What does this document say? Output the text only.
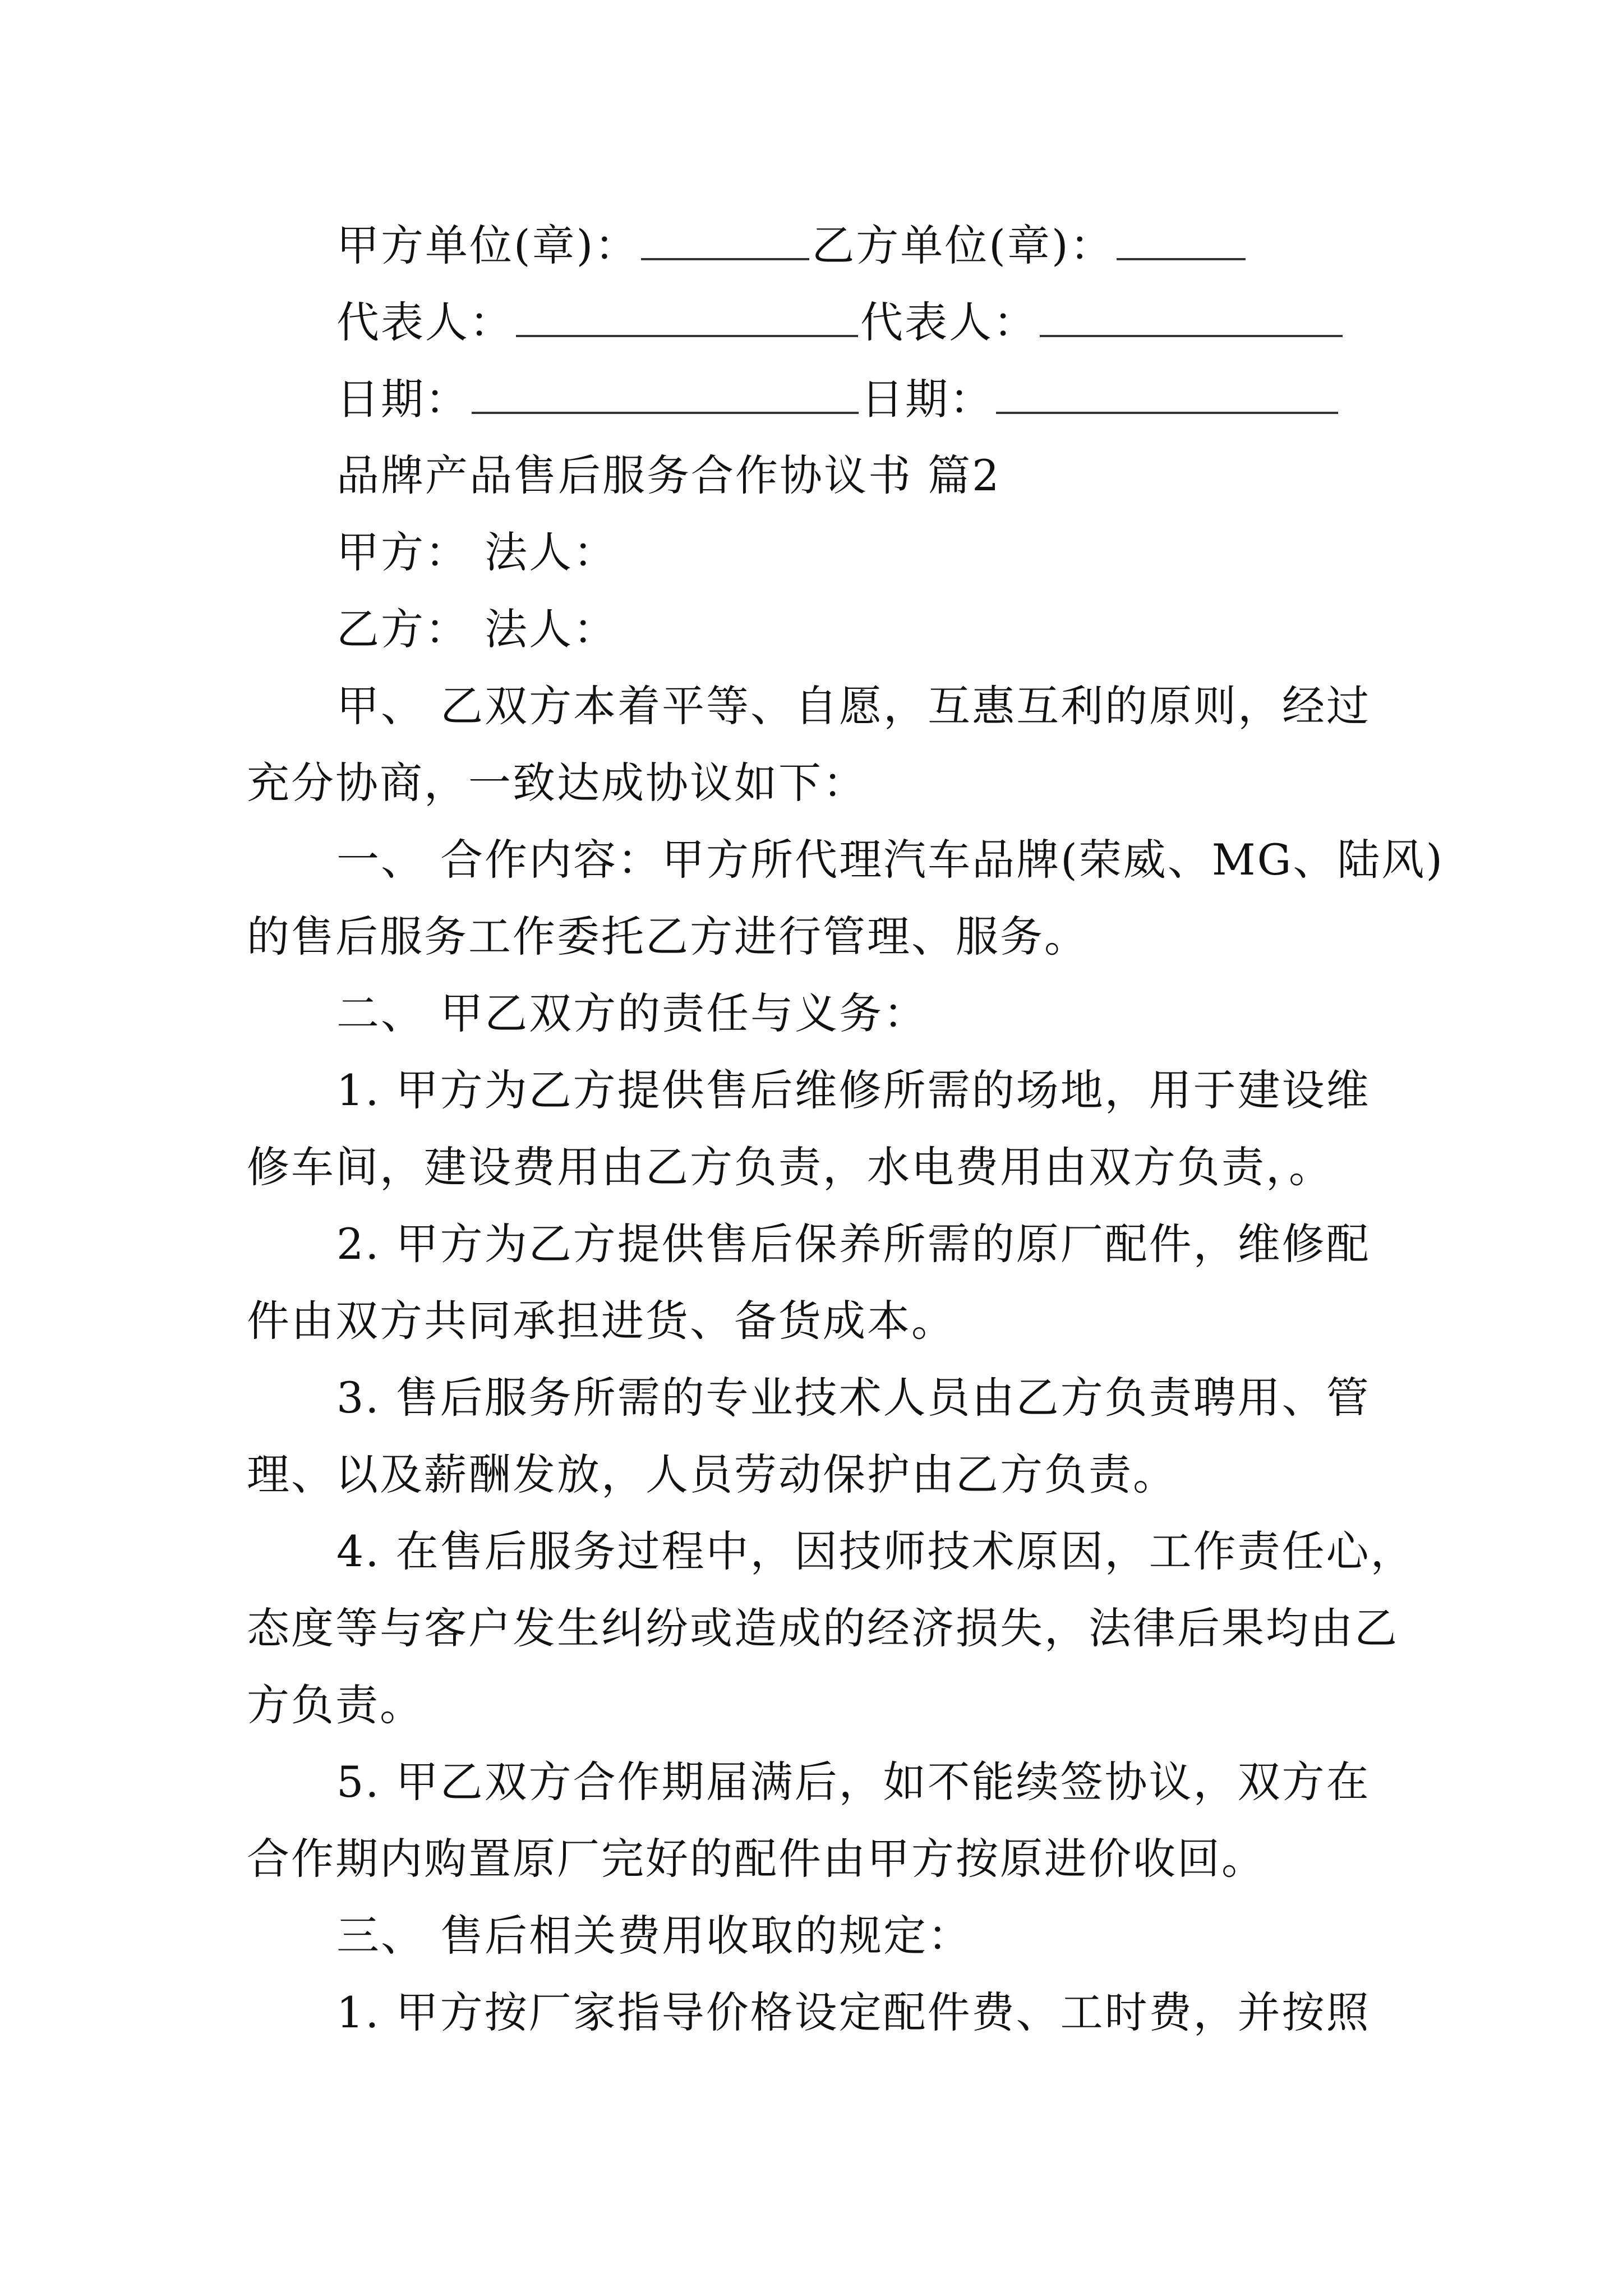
甲方单位(章)：	乙方单位(章)：
代表人：	代表人：
日期：	日期：
品牌产品售后服务合作协议书 篇2
甲方： 法人：
乙方： 法人：
甲、 乙双方本着平等、自愿，互惠互利的原则，经过
充分协商，一致达成协议如下：
一、 合作内容：甲方所代理汽车品牌(荣威、MG、陆风)
的售后服务工作委托乙方进行管理、服务。
二、 甲乙双方的责任与义务：
1. 甲方为乙方提供售后维修所需的场地，用于建设维
修车间，建设费用由乙方负责，水电费用由双方负责，。
2. 甲方为乙方提供售后保养所需的原厂配件，维修配
件由双方共同承担进货、备货成本。
3. 售后服务所需的专业技术人员由乙方负责聘用、管
理、以及薪酬发放，人员劳动保护由乙方负责。
4. 在售后服务过程中，因技师技术原因，工作责任心，
态度等与客户发生纠纷或造成的经济损失，法律后果均由乙
方负责。
5. 甲乙双方合作期届满后，如不能续签协议，双方在
合作期内购置原厂完好的配件由甲方按原进价收回。
三、 售后相关费用收取的规定：
1. 甲方按厂家指导价格设定配件费、工时费，并按照
